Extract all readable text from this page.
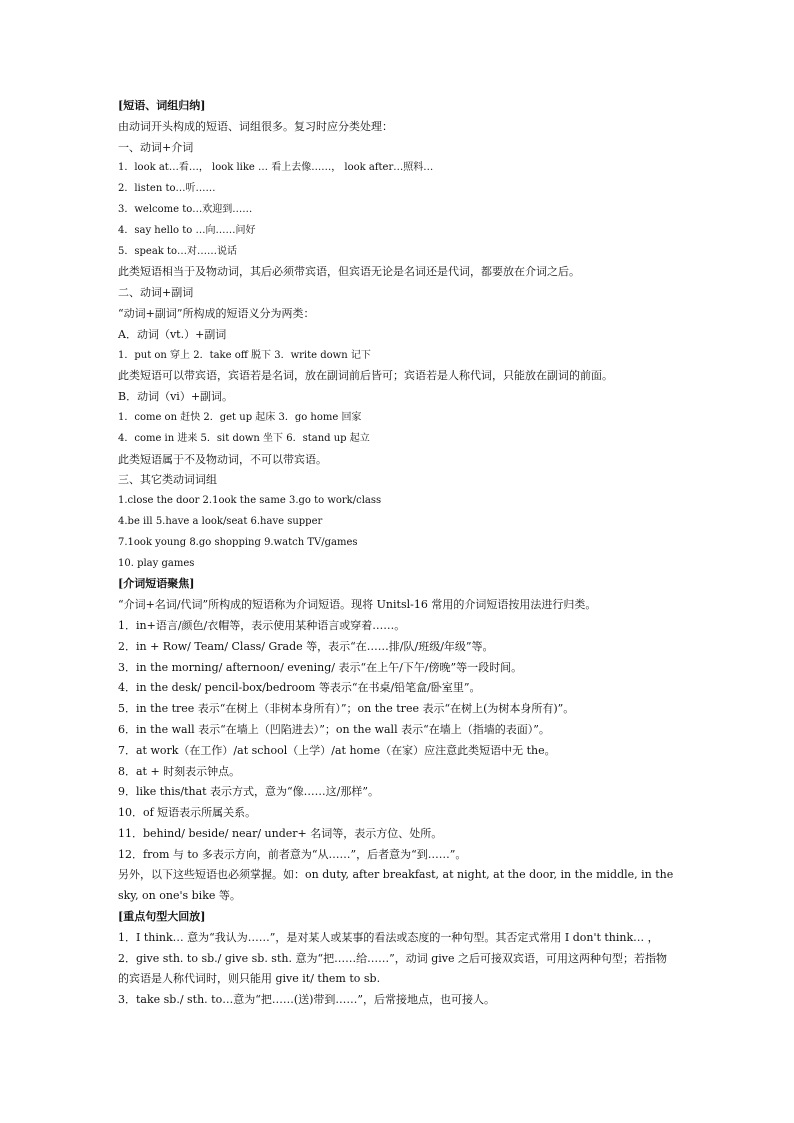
[短语、词组归纳]
由动词开头构成的短语、词组很多。复习时应分类处理：
一、动词+介词
1．look at…看…， look like … 看上去像……， look after…照料…
2．listen to…听……
3．welcome to…欢迎到……
4．say hello to …向……问好
5．speak to…对……说话
此类短语相当于及物动词，其后必须带宾语，但宾语无论是名词还是代词，都要放在介词之后。
二、动词+副词
“动词+副词”所构成的短语义分为两类：
A．动词（vt.）+副词
1．put on 穿上 2．take off 脱下 3．write down 记下
此类短语可以带宾语，宾语若是名词，放在副词前后皆可；宾语若是人称代词，只能放在副词的前面。
B．动词（vi）+副词。
1．come on 赶快 2．get up 起床 3．go home 回家
4．come in 进来 5．sit down 坐下 6．stand up 起立
此类短语属于不及物动词，不可以带宾语。
三、其它类动词词组
1.close the door 2.1ook the same 3.go to work/class
4.be ill 5.have a look/seat 6.have supper
7.1ook young 8.go shopping 9.watch TV/games
10. play games
[介词短语聚焦]
“介词+名词/代词”所构成的短语称为介词短语。现将 Unitsl-16 常用的介词短语按用法进行归类。
1．in+语言/颜色/衣帽等，表示使用某种语言或穿着……。
2．in + Row/ Team/ Class/ Grade 等，表示“在……排/队/班级/年级”等。
3．in the morning/ afternoon/ evening/ 表示“在上午/下午/傍晚”等一段时间。
4．in the desk/ pencil-box/bedroom 等表示“在书桌/铅笔盒/卧室里”。
5．in the tree 表示“在树上（非树本身所有）”；on the tree 表示“在树上(为树本身所有)”。
6．in the wall 表示“在墙上（凹陷进去）”；on the wall 表示“在墙上（指墙的表面）”。
7．at work（在工作）/at school（上学）/at home（在家）应注意此类短语中无 the。
8．at + 时刻表示钟点。
9．like this/that 表示方式，意为“像……这/那样”。
10．of 短语表示所属关系。
11．behind/ beside/ near/ under+ 名词等，表示方位、处所。
12．from 与 to 多表示方向，前者意为“从……”，后者意为“到……”。
另外，以下这些短语也必须掌握。如：on duty, after breakfast, at night, at the door, in the middle, in the
sky, on one's bike 等。
[重点句型大回放]
1．I think… 意为“我认为……”，是对某人或某事的看法或态度的一种句型。其否定式常用 I don't think… ，
2．give sth. to sb./ give sb. sth. 意为“把……给……”，动词 give 之后可接双宾语，可用这两种句型；若指物
的宾语是人称代词时，则只能用 give it/ them to sb.
3．take sb./ sth. to…意为“把……(送)带到……”，后常接地点，也可接人。
